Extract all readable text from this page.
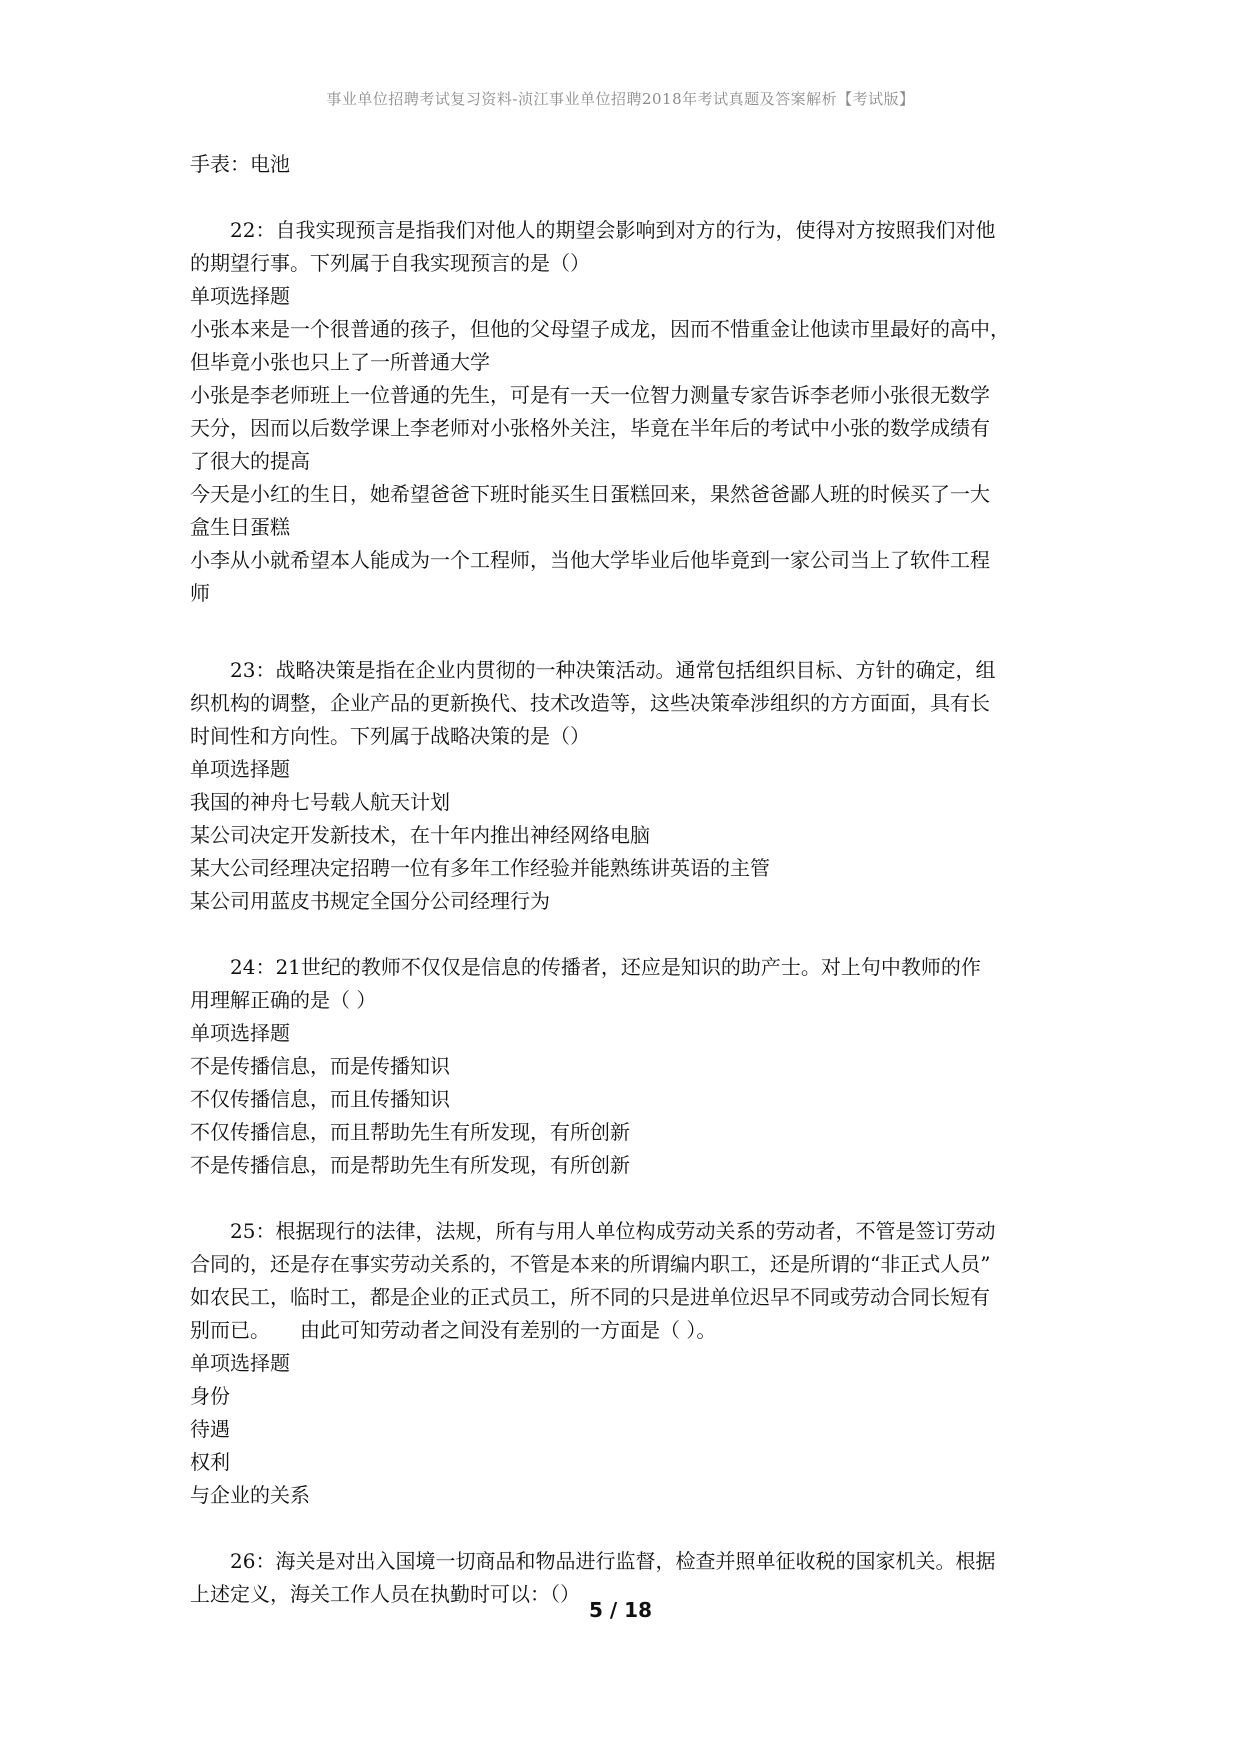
事业单位招聘考试复习资料-浈江事业单位招聘2018年考试真题及答案解析【考试版】
手表：电池
22：自我实现预言是指我们对他人的期望会影响到对方的行为，使得对方按照我们对他
的期望行事。下列属于自我实现预言的是（）
单项选择题
小张本来是一个很普通的孩子，但他的父母望子成龙，因而不惜重金让他读市里最好的高中，
但毕竟小张也只上了一所普通大学
小张是李老师班上一位普通的先生，可是有一天一位智力测量专家告诉李老师小张很无数学
天分，因而以后数学课上李老师对小张格外关注，毕竟在半年后的考试中小张的数学成绩有
了很大的提高
今天是小红的生日，她希望爸爸下班时能买生日蛋糕回来，果然爸爸鄙人班的时候买了一大
盒生日蛋糕
小李从小就希望本人能成为一个工程师，当他大学毕业后他毕竟到一家公司当上了软件工程
师
23：战略决策是指在企业内贯彻的一种决策活动。通常包括组织目标、方针的确定，组
织机构的调整，企业产品的更新换代、技术改造等，这些决策牵涉组织的方方面面，具有长
时间性和方向性。下列属于战略决策的是（）
单项选择题
我国的神舟七号载人航天计划
某公司决定开发新技术，在十年内推出神经网络电脑
某大公司经理决定招聘一位有多年工作经验并能熟练讲英语的主管
某公司用蓝皮书规定全国分公司经理行为
24：21世纪的教师不仅仅是信息的传播者，还应是知识的助产士。对上句中教师的作
用理解正确的是（ ）
单项选择题
不是传播信息，而是传播知识
不仅传播信息，而且传播知识
不仅传播信息，而且帮助先生有所发现，有所创新
不是传播信息，而是帮助先生有所发现，有所创新
25：根据现行的法律，法规，所有与用人单位构成劳动关系的劳动者，不管是签订劳动
合同的，还是存在事实劳动关系的，不管是本来的所谓编内职工，还是所谓的“非正式人员”
如农民工，临时工，都是企业的正式员工，所不同的只是进单位迟早不同或劳动合同长短有
别而已。　　由此可知劳动者之间没有差别的一方面是（ ）。
单项选择题
身份
待遇
权利
与企业的关系
26：海关是对出入国境一切商品和物品进行监督，检查并照单征收税的国家机关。根据
上述定义，海关工作人员在执勤时可以：（）
5 / 18
